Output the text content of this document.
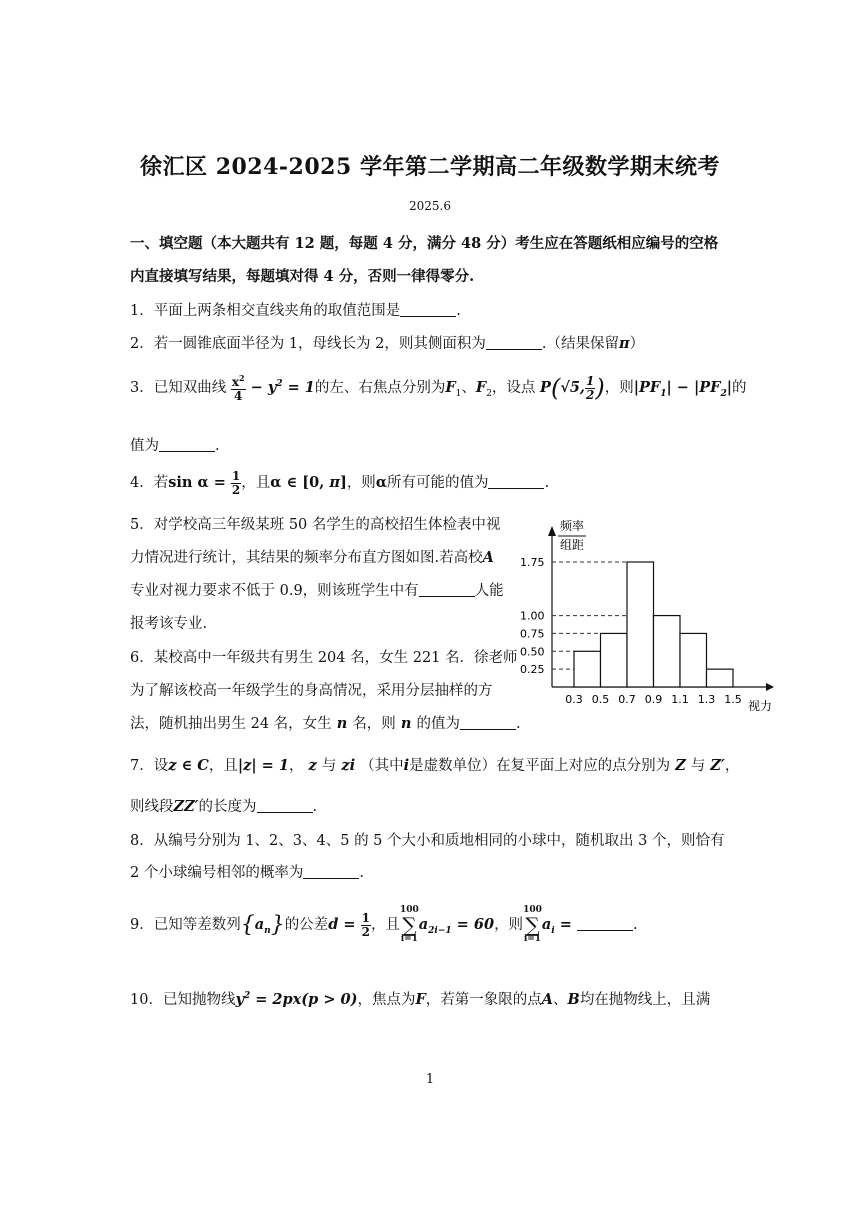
徐汇区 2024-2025 学年第二学期高二年级数学期末统考
2025.6
一、填空题（本大题共有 12 题，每题 4 分，满分 48 分）考生应在答题纸相应编号的空格
内直接填写结果，每题填对得 4 分，否则一律得零分.
1．平面上两条相交直线夹角的取值范围是	.
2．若一圆锥底面半径为 1，母线长为 2，则其侧面积为	.（结果保留π）
3．已知双曲线 $\frac{x^2}{4} - y^2 = 1$的左、右焦点分别为$F_1$、$F_2$，设点 P(√5, $\frac{1}{2}$ )，则$|PF_1| - |PF_2|$的
值为	.
4．若$\sin \alpha = \frac{1}{2}$ ，且α ∈ [0, π]，则α所有可能的值为	.
5．对学校高三年级某班 50 名学生的高校招生体检表中视
力情况进行统计，其结果的频率分布直方图如图.若高校A
专业对视力要求不低于 0.9，则该班学生中有	人能
报考该专业.
6．某校高中一年级共有男生 204 名，女生 221 名．徐老师
为了解该校高一年级学生的身高情况，采用分层抽样的方
法，随机抽出男生 24 名，女生 n 名，则 n 的值为	.
1.75
1.00
0.75
0.50
0.25
0.3 0.5 0.7 0.9 1.1 1.3 1.5
频率
组距
视力
7．设z ∈ C，且|z| = 1， z 与 zi （其中i是虚数单位）在复平面上对应的点分别为 Z 与 Z′，
则线段ZZ′的长度为	.
8．从编号分别为 1、2、3、4、5 的 5 个大小和质地相同的小球中，随机取出 3 个，则恰有
2 个小球编号相邻的概率为	.
9．已知等差数列$\{a_n\}$的公差$d = \frac{1}{2}$ ，且100
∑
$i=1a_{2i-1} = 60$，则100
∑
$i=1a_i$ =	.
10．已知抛物线$y^2 = 2px(p > 0)$，焦点为F，若第一象限的点A、B均在抛物线上，且满
1
